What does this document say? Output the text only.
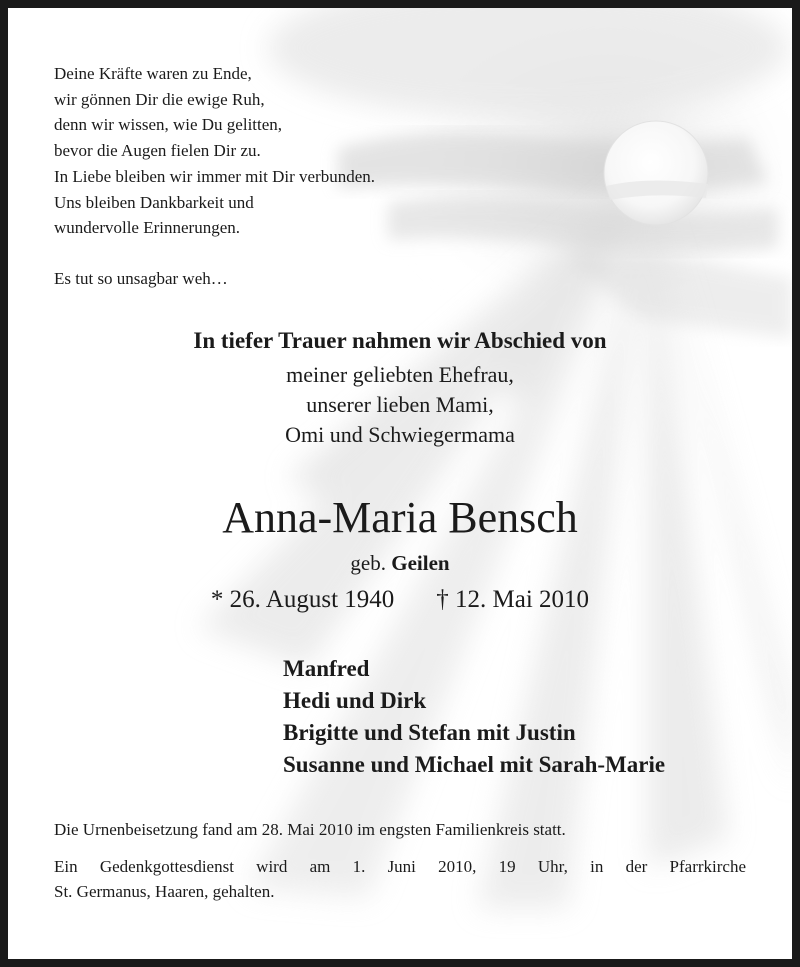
Deine Kräfte waren zu Ende,
wir gönnen Dir die ewige Ruh,
denn wir wissen, wie Du gelitten,
bevor die Augen fielen Dir zu.
In Liebe bleiben wir immer mit Dir verbunden.
Uns bleiben Dankbarkeit und
wundervolle Erinnerungen.
Es tut so unsagbar weh…
In tiefer Trauer nahmen wir Abschied von
meiner geliebten Ehefrau,
unserer lieben Mami,
Omi und Schwiegermama
Anna-Maria Bensch
geb. Geilen
* 26. August 1940 † 12. Mai 2010
Manfred
Hedi und Dirk
Brigitte und Stefan mit Justin
Susanne und Michael mit Sarah-Marie
Die Urnenbeisetzung fand am 28. Mai 2010 im engsten Familienkreis statt.
Ein Gedenkgottesdienst wird am 1. Juni 2010, 19 Uhr, in der Pfarrkirche
St. Germanus, Haaren, gehalten.
